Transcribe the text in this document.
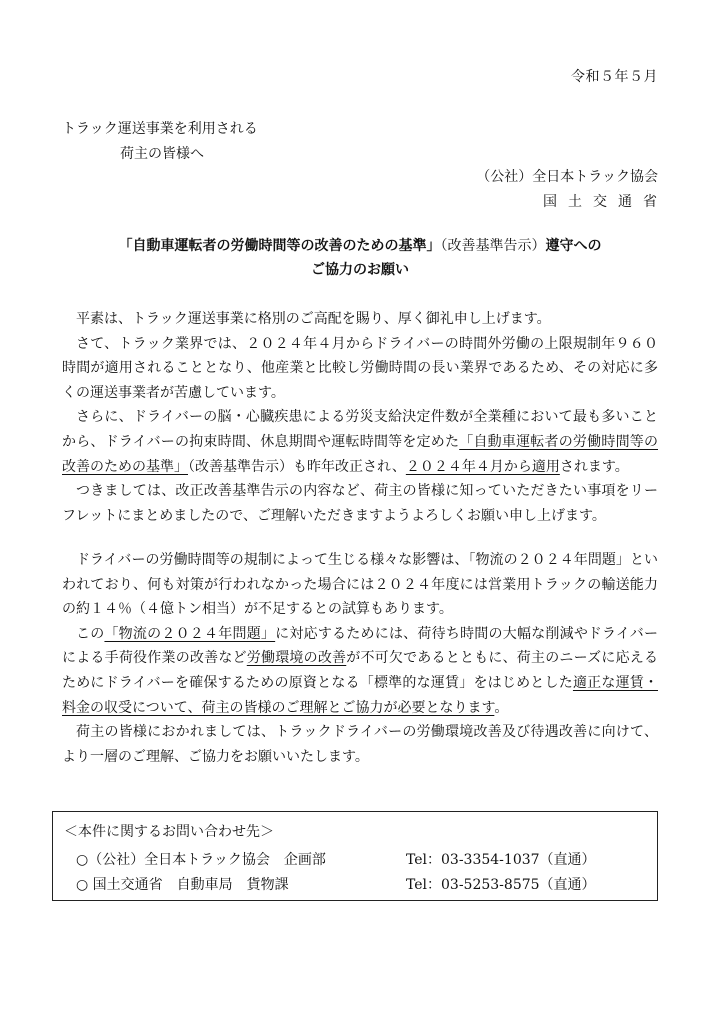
令和５年５月
トラック運送事業を利用される
荷主の皆様へ
（公社）全日本トラック協会
国土交通省
「自動車運転者の労働時間等の改善のための基準」（改善基準告示）遵守への
ご協力のお願い

平素は、トラック運送事業に格別のご高配を賜り、厚く御礼申し上げます。

さて、トラック業界では、２０２４年４月からドライバーの時間外労働の上限規制年９６０時間が適用されることとなり、他産業と比較し労働時間の長い業界であるため、その対応に多くの運送事業者が苦慮しています。

さらに、ドライバーの脳・心臓疾患による労災支給決定件数が全業種において最も多いことから、ドライバーの拘束時間、休息期間や運転時間等を定めた「自動車運転者の労働時間等の改善のための基準」（改善基準告示）も昨年改正され、２０２４年４月から適用されます。

つきましては、改正改善基準告示の内容など、荷主の皆様に知っていただきたい事項をリーフレットにまとめましたので、ご理解いただきますようよろしくお願い申し上げます。

ドライバーの労働時間等の規制によって生じる様々な影響は、「物流の２０２４年問題」といわれており、何も対策が行われなかった場合には２０２４年度には営業用トラックの輸送能力の約１４％（４億トン相当）が不足するとの試算もあります。

この「物流の２０２４年問題」に対応するためには、荷待ち時間の大幅な削減やドライバーによる手荷役作業の改善など労働環境の改善が不可欠であるとともに、荷主のニーズに応えるためにドライバーを確保するための原資となる「標準的な運賃」をはじめとした適正な運賃・料金の収受について、荷主の皆様のご理解とご協力が必要となります。

荷主の皆様におかれましては、トラックドライバーの労働環境改善及び待遇改善に向けて、より一層のご理解、ご協力をお願いいたします。

＜本件に関するお問い合わせ先＞
○（公社）全日本トラック協会　企画部	Tel：03-3354-1037（直通）
○ 国土交通省　自動車局　貨物課	Tel：03-5253-8575（直通）
